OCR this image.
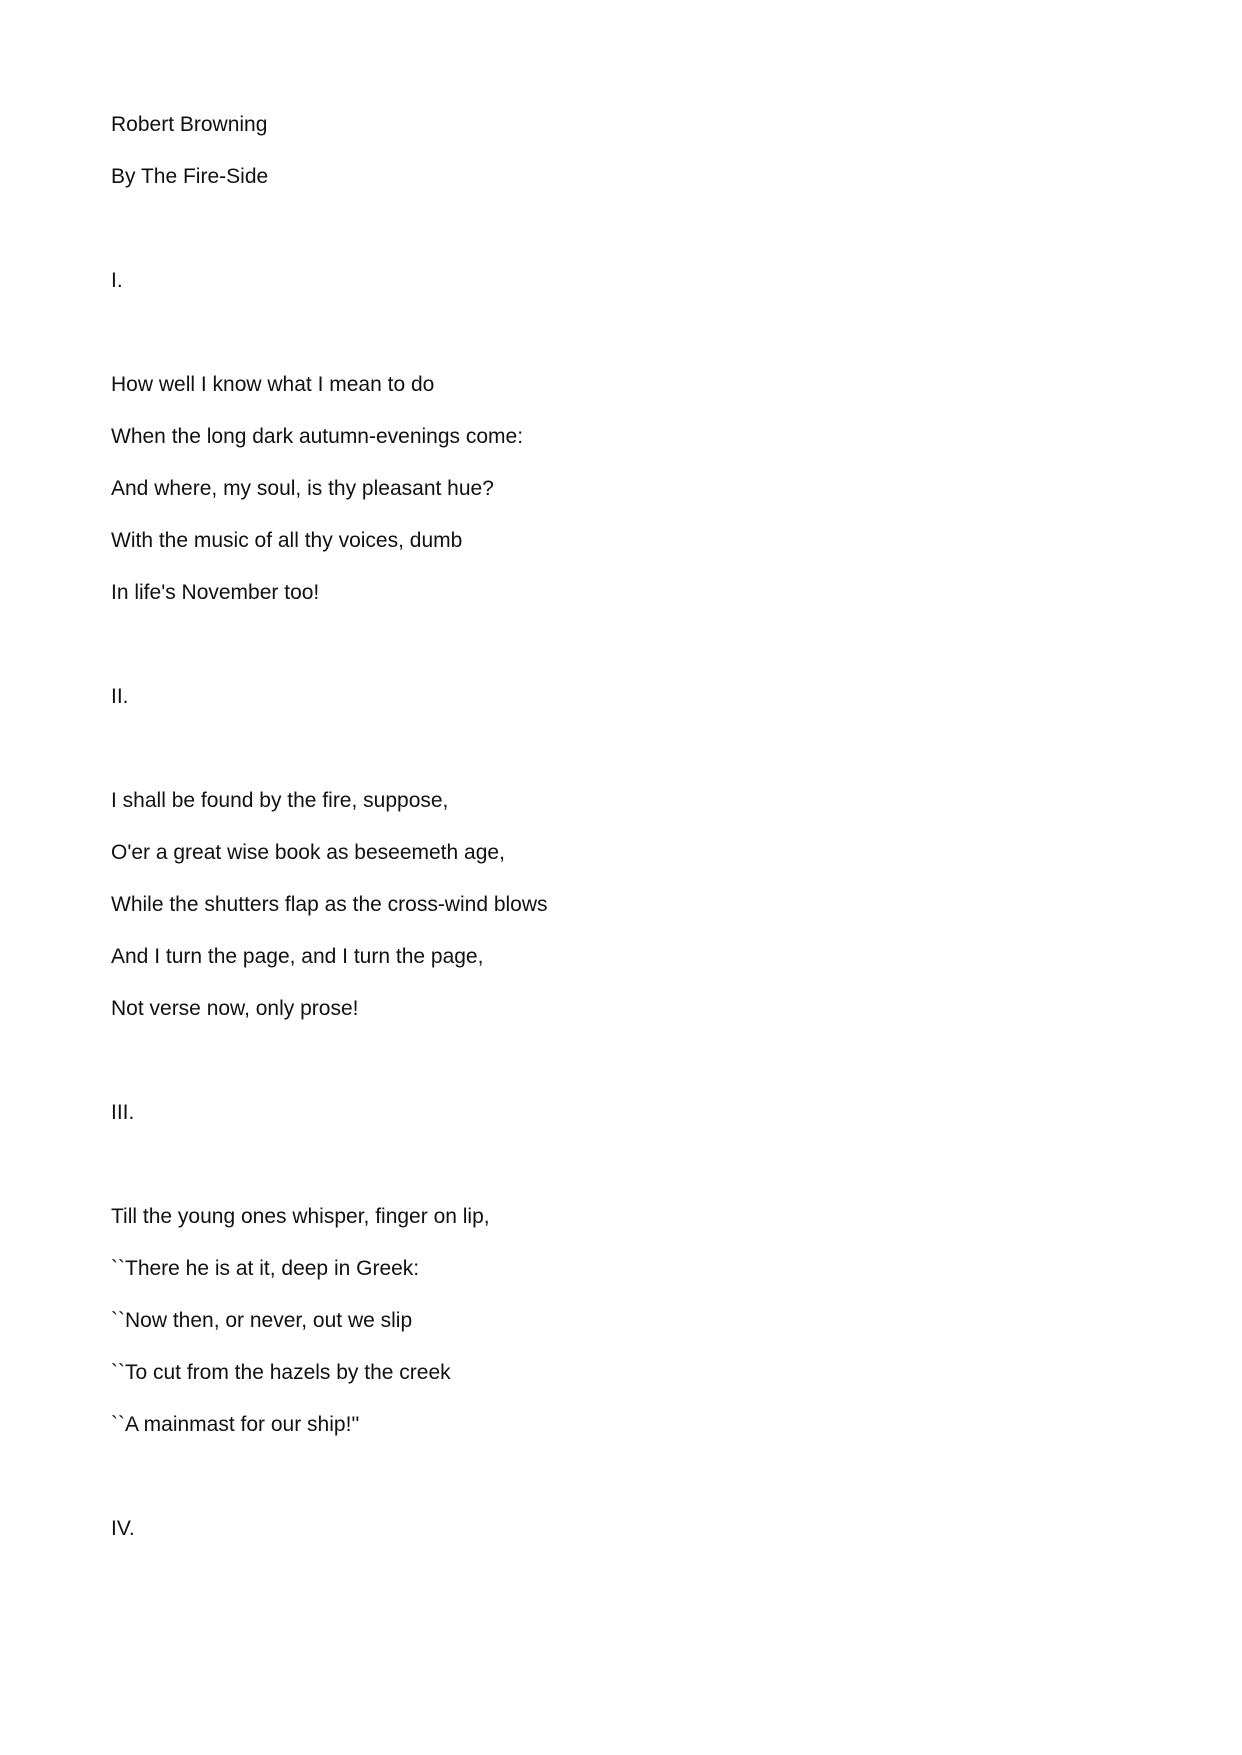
Robert Browning

By The Fire-Side

I.

How well I know what I mean to do

When the long dark autumn-evenings come:

And where, my soul, is thy pleasant hue?

With the music of all thy voices, dumb

In life's November too!

II.

I shall be found by the fire, suppose,

O'er a great wise book as beseemeth age,

While the shutters flap as the cross-wind blows

And I turn the page, and I turn the page,

Not verse now, only prose!

III.

Till the young ones whisper, finger on lip,

``There he is at it, deep in Greek:

``Now then, or never, out we slip

``To cut from the hazels by the creek

``A mainmast for our ship!''

IV.
